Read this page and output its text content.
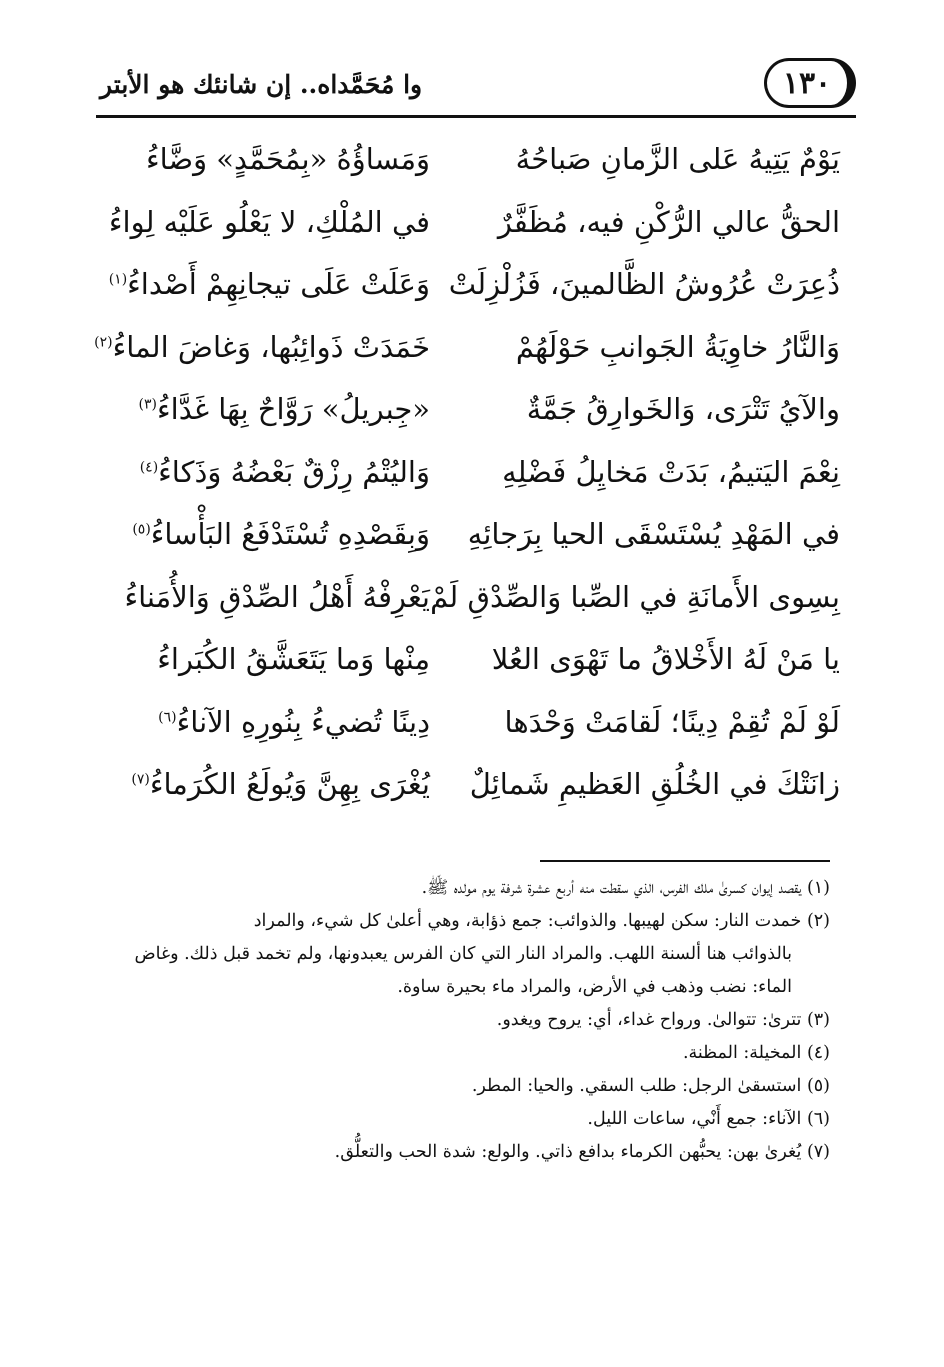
١٣٠
وا مُحَمَّداه.. إن شانئك هو الأبتر
يَوْمٌ يَتِيهُ عَلى الزَّمانِ صَباحُهُ
وَمَساؤُهُ «بِمُحَمَّدٍ» وَضَّاءُ
الحقُّ عالي الرُّكْنِ فيه، مُظَفَّرٌ
في المُلْكِ، لا يَعْلُو عَلَيْه لِواءُ
ذُعِرَتْ عُرُوشُ الظَّالمينَ، فَزُلْزِلَتْ
وَعَلَتْ عَلَى تيجانِهِمْ أَصْداءُ$^{(١)}$
وَالنَّارُ خاوِيَةُ الجَوانبِ حَوْلَهُمْ
خَمَدَتْ ذَوائِبُها، وَغاضَ الماءُ$^{(٢)}$
والآيُ تَتْرَى، وَالخَوارِقُ جَمَّةٌ
«جِبريلُ» رَوَّاحٌ بِهَا غَدَّاءُ$^{(٣)}$
نِعْمَ اليَتيمُ، بَدَتْ مَخايِلُ فَضْلِهِ
وَاليُتْمُ رِزْقٌ بَعْضُهُ وَذَكاءُ$^{(٤)}$
في المَهْدِ يُسْتَسْقَى الحيا بِرَجائِهِ
وَبِقَصْدِهِ تُسْتَدْفَعُ البَأْساءُ$^{(٥)}$
بِسِوى الأَمانَةِ في الصِّبا وَالصِّدْقِ لَمْ
يَعْرِفْهُ أَهْلُ الصِّدْقِ وَالأُمَناءُ
يا مَنْ لَهُ الأَخْلاقُ ما تَهْوَى العُلا
مِنْها وَما يَتَعَشَّقُ الكُبَراءُ
لَوْ لَمْ تُقِمْ دِينًا؛ لَقامَتْ وَحْدَها
دِينًا تُضيءُ بِنُورِهِ الآناءُ$^{(٦)}$
زانَتْكَ في الخُلُقِ العَظيمِ شَمائِلٌ
يُغْرَى بِهِنَّ وَيُولَعُ الكُرَماءُ$^{(٧)}$
(١) يقصد إيوان كسرىٰ ملك الفرس، الذي سقطت منه أربع عشرة شرفة يوم مولده ﷺ.
(٢) خمدت النار: سكن لهيبها. والذوائب: جمع ذؤابة، وهي أعلىٰ كل شيء، والمراد
بالذوائب هنا ألسنة اللهب. والمراد النار التي كان الفرس يعبدونها، ولم تخمد قبل ذلك. وغاض الماء: نضب وذهب في الأرض، والمراد ماء بحيرة ساوة.
(٣) تترىٰ: تتوالىٰ. ورواح غداء، أي: يروح ويغدو.
(٤) المخيلة: المظنة.
(٥) استسقىٰ الرجل: طلب السقي. والحيا: المطر.
(٦) الآناء: جمع أَنْي، ساعات الليل.
(٧) يُغرىٰ بهن: يحبُّهن الكرماء بدافع ذاتي. والولع: شدة الحب والتعلُّق.
